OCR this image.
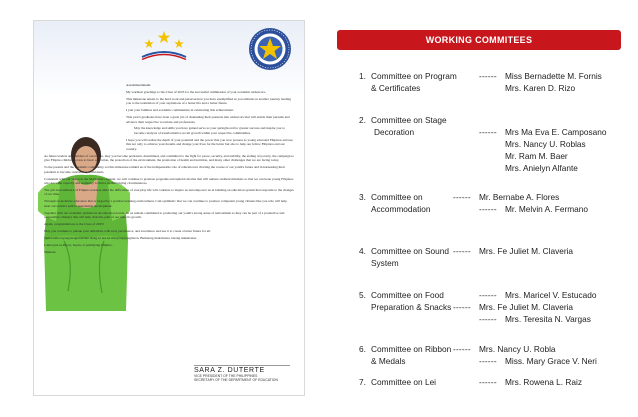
Assalamualaikum.

My warmest greetings to the Class of 2025 for the successful culmination of your academic endeavors.

This milestone attests to the hard work and perseverance you have exemplified as you embark on another journey leading you to the realization of your aspirations of a better life and a better future.

I join your families and academic communities in celebrating this achievement.

This year's graduates have done a great job of channeling their passions into endeavors that will enrich their pursuits and advance their respective vocations and professions.

May the knowledge and skills you have gained serve as your springboard for greater success and inspire you to become catalysts of transformative social growth within your respective communities.

I hope you will realize the depth of your potential and the power that you now possess as young educated Filipinos and use this not only to achieve your dreams and change your lives for the better but also to help our fellow Filipinos and our country.

As future leaders and builders of our nation, may you become persistent, determined, and committed to the fight for peace, security, and stability, the ending of poverty, the campaign to give Filipino children access to basic education, the protection of the environment, the promotion of health and nutrition, and many other challenges that we are facing today.

To the parents and the academic community, let this milestone remind us of the indispensable role of education in charting the course of our youth's future and in harnessing their potential to become outstanding individuals.

Consistent with our vision in the MATATAG agenda, we will continue to promote programs and uphold reforms that will nurture resilient mindsets so that we can hone young Filipinos who have the capacity and resiliency to thrive in challenging circumstances.

The grit and resilience of Filipino learners amid the difficulties of everyday life will continue to inspire us and empower us in building an education system that responds to the changes of our time.

Through an inclusive education that is forged by a positive learning environment, I am optimistic that we can continue to produce competent young citizens like you who will help steer our nation's path to sustainable development.

Together with our academic partners in all education levels, let us remain committed to promoting our youth's strong sense of nationalism so they can be part of a productive and responsible citizenry that will help chart the path of our nation's growth.

Again, congratulations to the Class of 2025!

May you continue to pursue your ambitions with zeal, persistence, and excellence and use it to create a better future for all.

Sama-sama tayong magtatrabaho alang sa usa ka maayong kaugmaon. Bumuong makabansa, batang makabansa.

Lahat para sa Diyos, bayan, at pamilyang Pilipino.

Shukran.

SARA Z. DUTERTE
VICE PRESIDENT OF THE PHILIPPINES
SECRETARY OF THE DEPARTMENT OF EDUCATION
WORKING COMMITEES
1. Committee on Program
& Certificates
------ Miss Bernadette M. Fornis
Mrs. Karen D. Rizo
2. Committee on Stage
Decoration	------ Mrs Ma Eva E. Camposano
Mrs. Nancy U. Roblas
Mr. Ram M. Baer
Mrs. Anielyn Alfante
3. Committee on
Accommodation
------ Mr. Bernabe A. Flores
------ Mr. Melvin A. Fermano
4. Committee on Sound
System
------ Mrs. Fe Juliet M. Claveria
5. Committee on Food
Preparation & Snacks
------ Mrs. Maricel V. Estucado
------ Mrs. Fe Juliet M. Claveria
------ Mrs. Teresita N. Vargas
6. Committee on Ribbon
& Medals
------ Mrs. Nancy U. Robla
------ Miss. Mary Grace V. Neri
7. Committee on Lei	------ Mrs. Rowena L. Raiz
